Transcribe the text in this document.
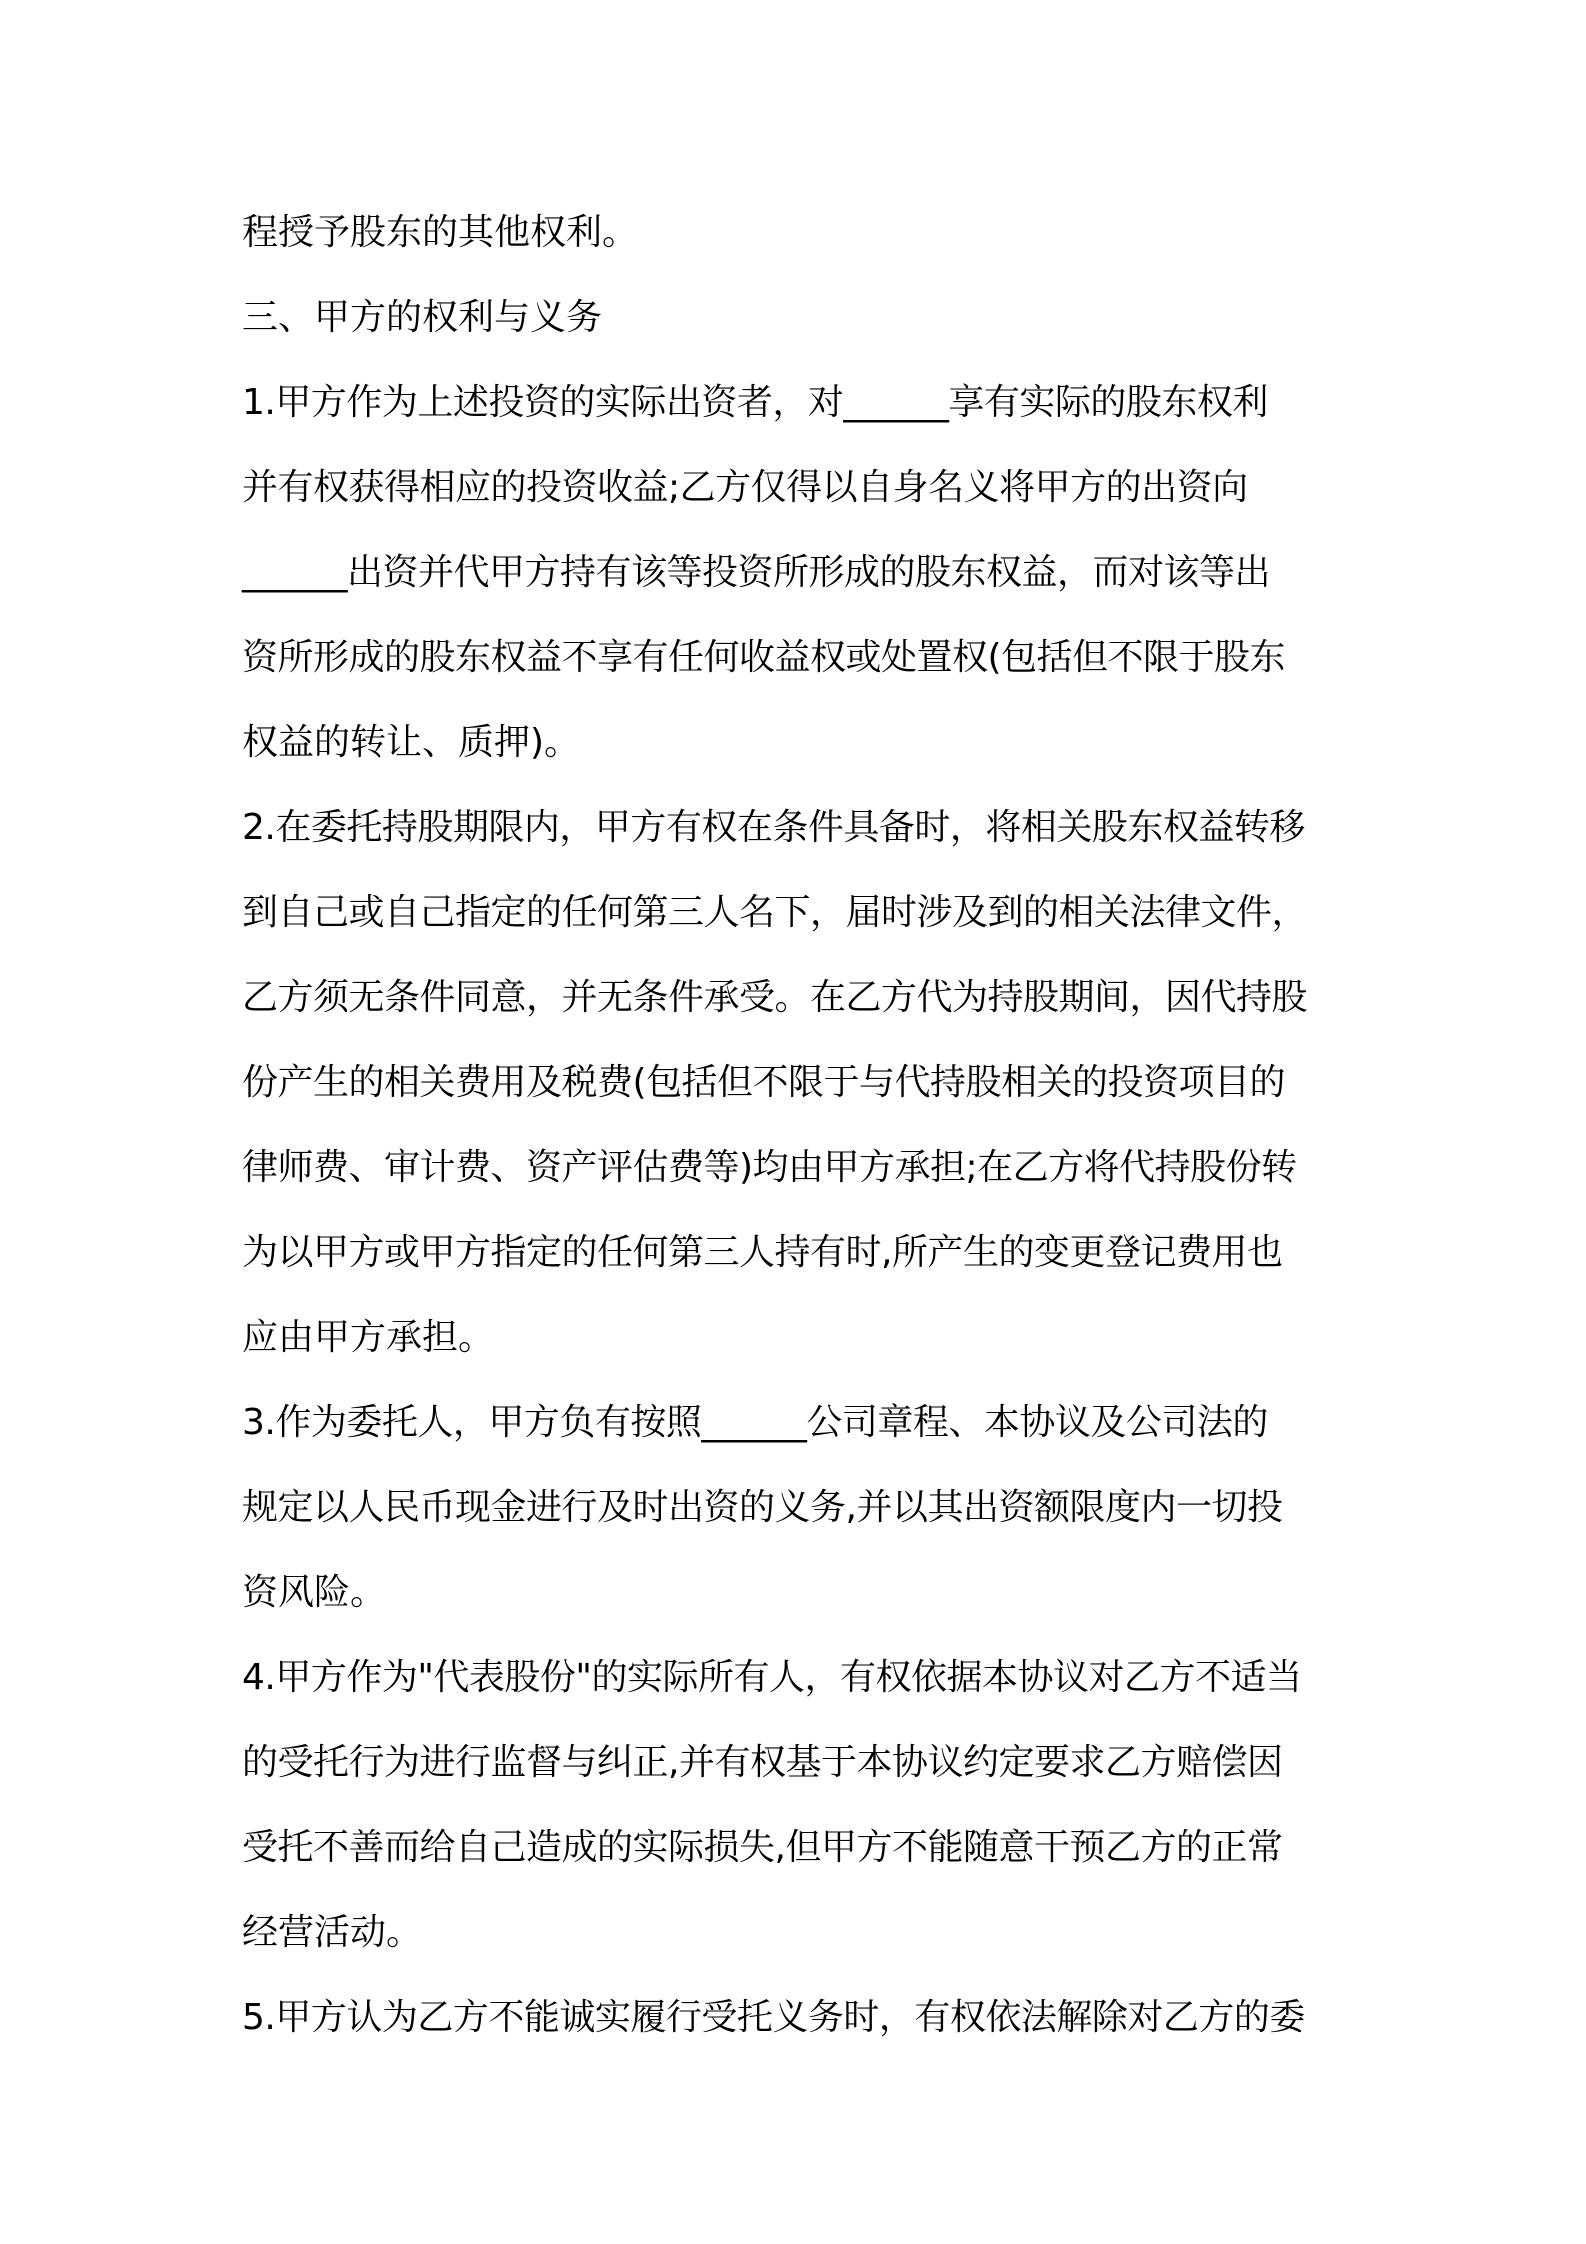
程授予股东的其他权利。
三、甲方的权利与义务
1.甲方作为上述投资的实际出资者，对______享有实际的股东权利
并有权获得相应的投资收益;乙方仅得以自身名义将甲方的出资向
______出资并代甲方持有该等投资所形成的股东权益，而对该等出
资所形成的股东权益不享有任何收益权或处置权(包括但不限于股东
权益的转让、质押)。
2.在委托持股期限内，甲方有权在条件具备时，将相关股东权益转移
到自己或自己指定的任何第三人名下，届时涉及到的相关法律文件，
乙方须无条件同意，并无条件承受。在乙方代为持股期间，因代持股
份产生的相关费用及税费(包括但不限于与代持股相关的投资项目的
律师费、审计费、资产评估费等)均由甲方承担;在乙方将代持股份转
为以甲方或甲方指定的任何第三人持有时,所产生的变更登记费用也
应由甲方承担。
3.作为委托人，甲方负有按照______公司章程、本协议及公司法的
规定以人民币现金进行及时出资的义务,并以其出资额限度内一切投
资风险。
4.甲方作为"代表股份"的实际所有人，有权依据本协议对乙方不适当
的受托行为进行监督与纠正,并有权基于本协议约定要求乙方赔偿因
受托不善而给自己造成的实际损失,但甲方不能随意干预乙方的正常
经营活动。
5.甲方认为乙方不能诚实履行受托义务时，有权依法解除对乙方的委
